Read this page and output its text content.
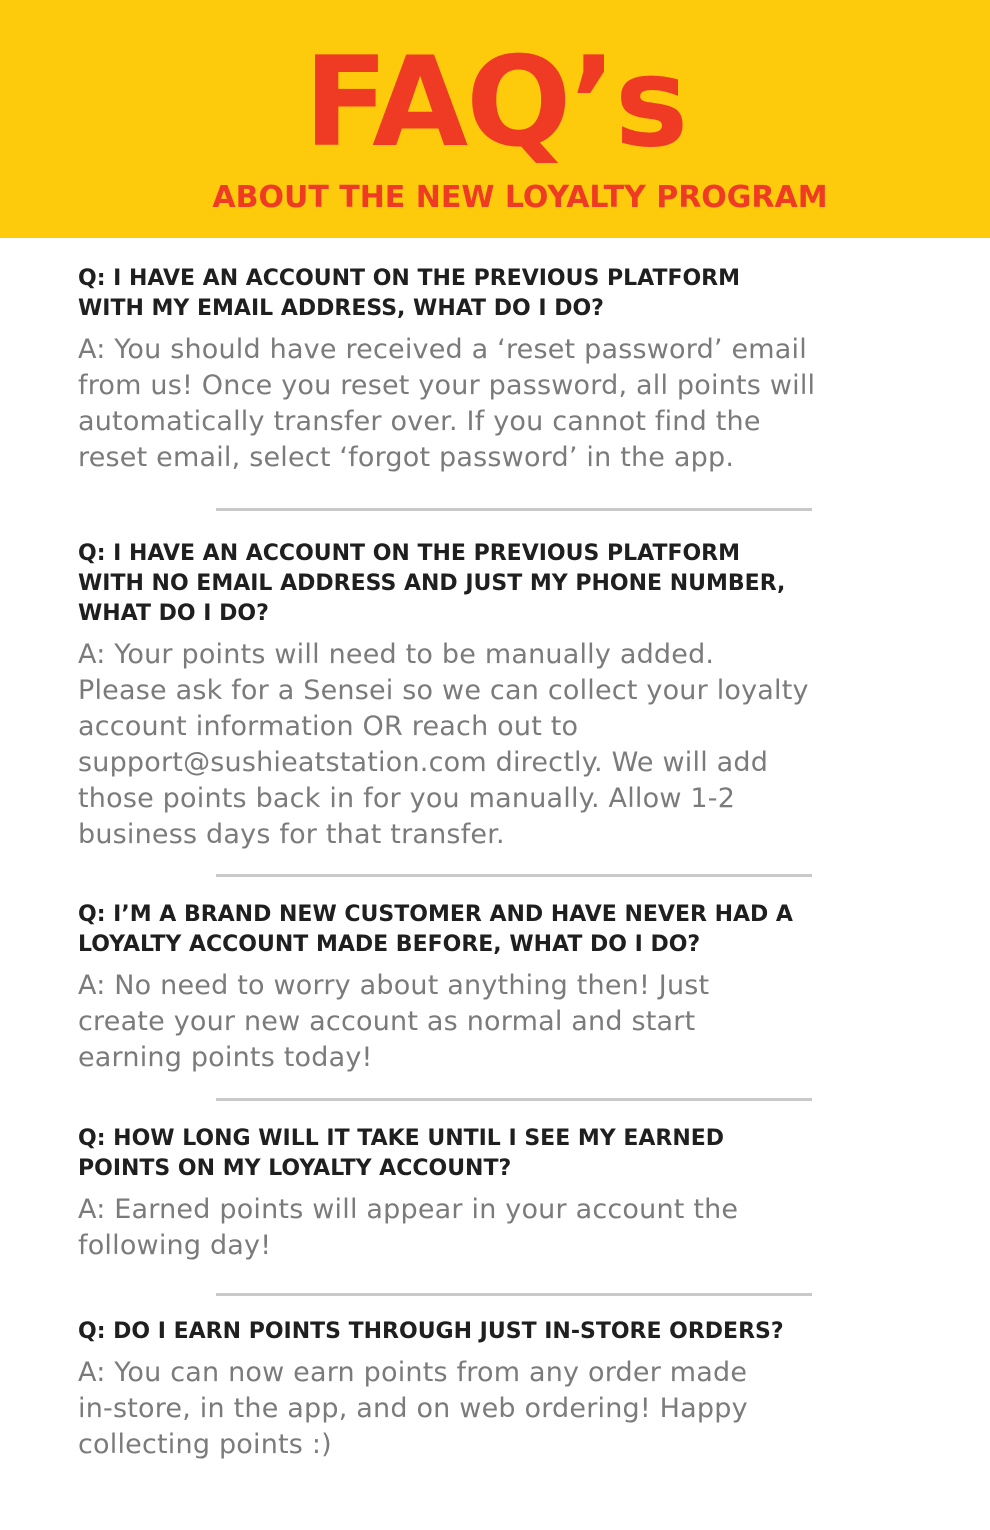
FAQ’s
ABOUT THE NEW LOYALTY PROGRAM

Q: I HAVE AN ACCOUNT ON THE PREVIOUS PLATFORM
WITH MY EMAIL ADDRESS, WHAT DO I DO?

A: You should have received a ‘reset password’ email
from us! Once you reset your password, all points will
automatically transfer over. If you cannot find the
reset email, select ‘forgot password’ in the app.

Q: I HAVE AN ACCOUNT ON THE PREVIOUS PLATFORM
WITH NO EMAIL ADDRESS AND JUST MY PHONE NUMBER,
WHAT DO I DO?

A: Your points will need to be manually added.
Please ask for a Sensei so we can collect your loyalty
account information OR reach out to
support@sushieatstation.com directly. We will add
those points back in for you manually. Allow 1-2
business days for that transfer.

Q: I’M A BRAND NEW CUSTOMER AND HAVE NEVER HAD A
LOYALTY ACCOUNT MADE BEFORE, WHAT DO I DO?

A: No need to worry about anything then! Just
create your new account as normal and start
earning points today!

Q: HOW LONG WILL IT TAKE UNTIL I SEE MY EARNED
POINTS ON MY LOYALTY ACCOUNT?

A: Earned points will appear in your account the
following day!

Q: DO I EARN POINTS THROUGH JUST IN-STORE ORDERS?

A: You can now earn points from any order made
in-store, in the app, and on web ordering! Happy
collecting points :)
